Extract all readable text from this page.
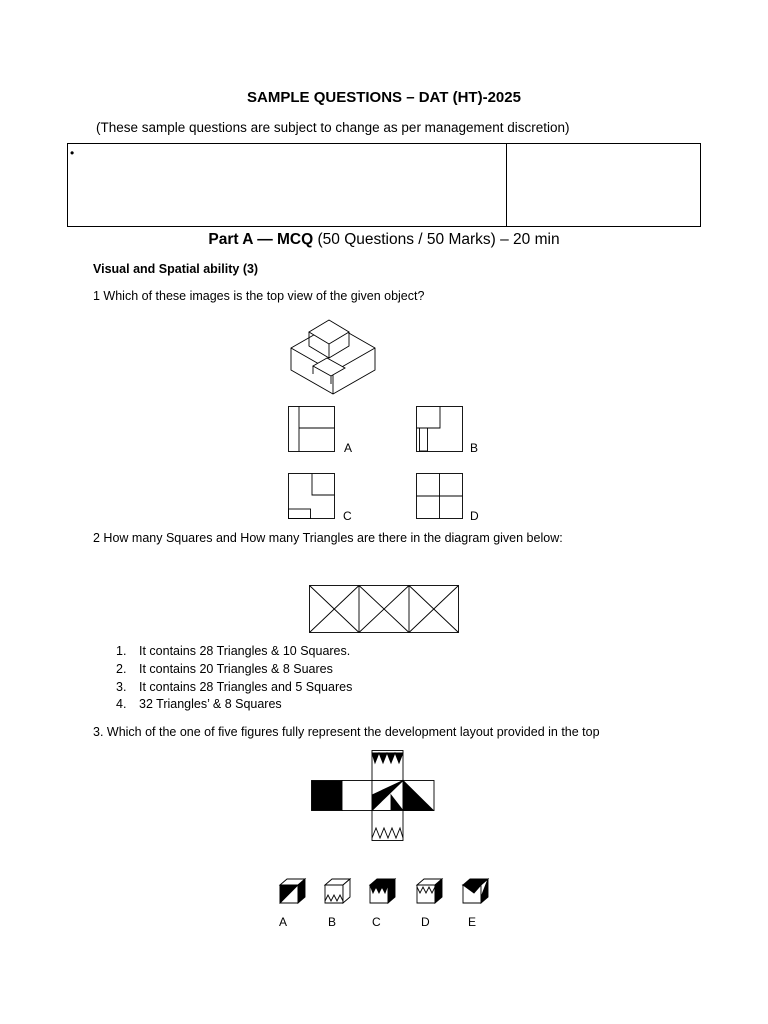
SAMPLE QUESTIONS – DAT (HT)-2025
(These sample questions are subject to change as per management discretion)
•
Part A — MCQ (50 Questions / 50 Marks) – 20 min
Visual and Spatial ability (3)
1 Which of these images is the top view of the given object?
A	B
C	D
2 How many Squares and How many Triangles are there in the diagram given below:
1. It contains 28 Triangles & 10 Squares.
2. It contains 20 Triangles & 8 Suares
3. It contains 28 Triangles and 5 Squares
4. 32 Triangles’ & 8 Squares
3. Which of the one of five figures fully represent the development layout provided in the top
A	B	C	D	E
